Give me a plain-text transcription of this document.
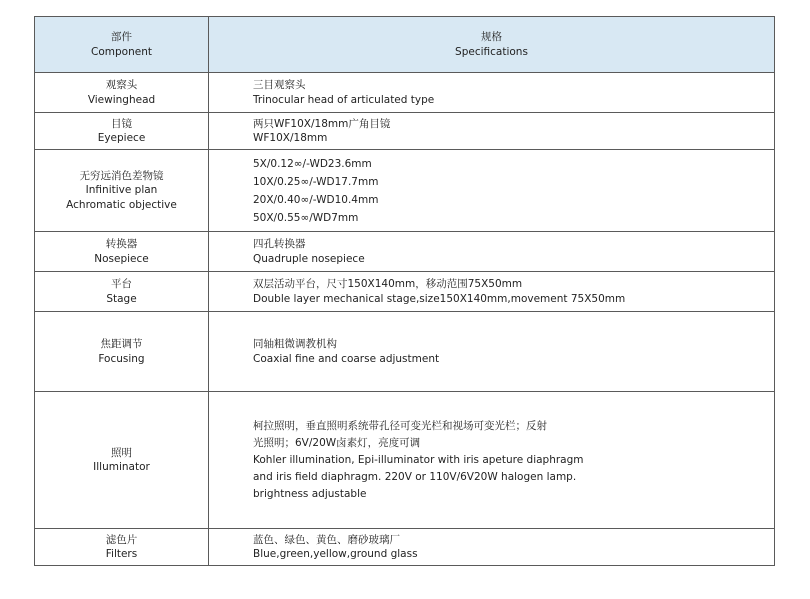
部件
Component	规格
Specifications

观察头
Viewinghead	三目观察头
Trinocular head of articulated type

目镜
Eyepiece	两只WF10X/18mm广角目镜
WF10X/18mm

无穷远消色差物镜
Infinitive plan
Achromatic objective	5X/0.12∞/-WD23.6mm
10X/0.25∞/-WD17.7mm
20X/0.40∞/-WD10.4mm
50X/0.55∞/WD7mm

转换器
Nosepiece	四孔转换器
Quadruple nosepiece

平台
Stage	双层活动平台，尺寸150X140mm，移动范围75X50mm
Double layer mechanical stage,size150X140mm,movement 75X50mm

焦距调节
Focusing	同轴粗微调教机构
Coaxial fine and coarse adjustment

照明
Illuminator	柯拉照明，垂直照明系统带孔径可变光栏和视场可变光栏；反射
光照明；6V/20W卤素灯，亮度可调
Kohler illumination, Epi-illuminator with iris apeture diaphragm
and iris field diaphragm. 220V or 110V/6V20W halogen lamp.
brightness adjustable

滤色片
Filters	蓝色、绿色、黄色、磨砂玻璃厂
Blue,green,yellow,ground glass
